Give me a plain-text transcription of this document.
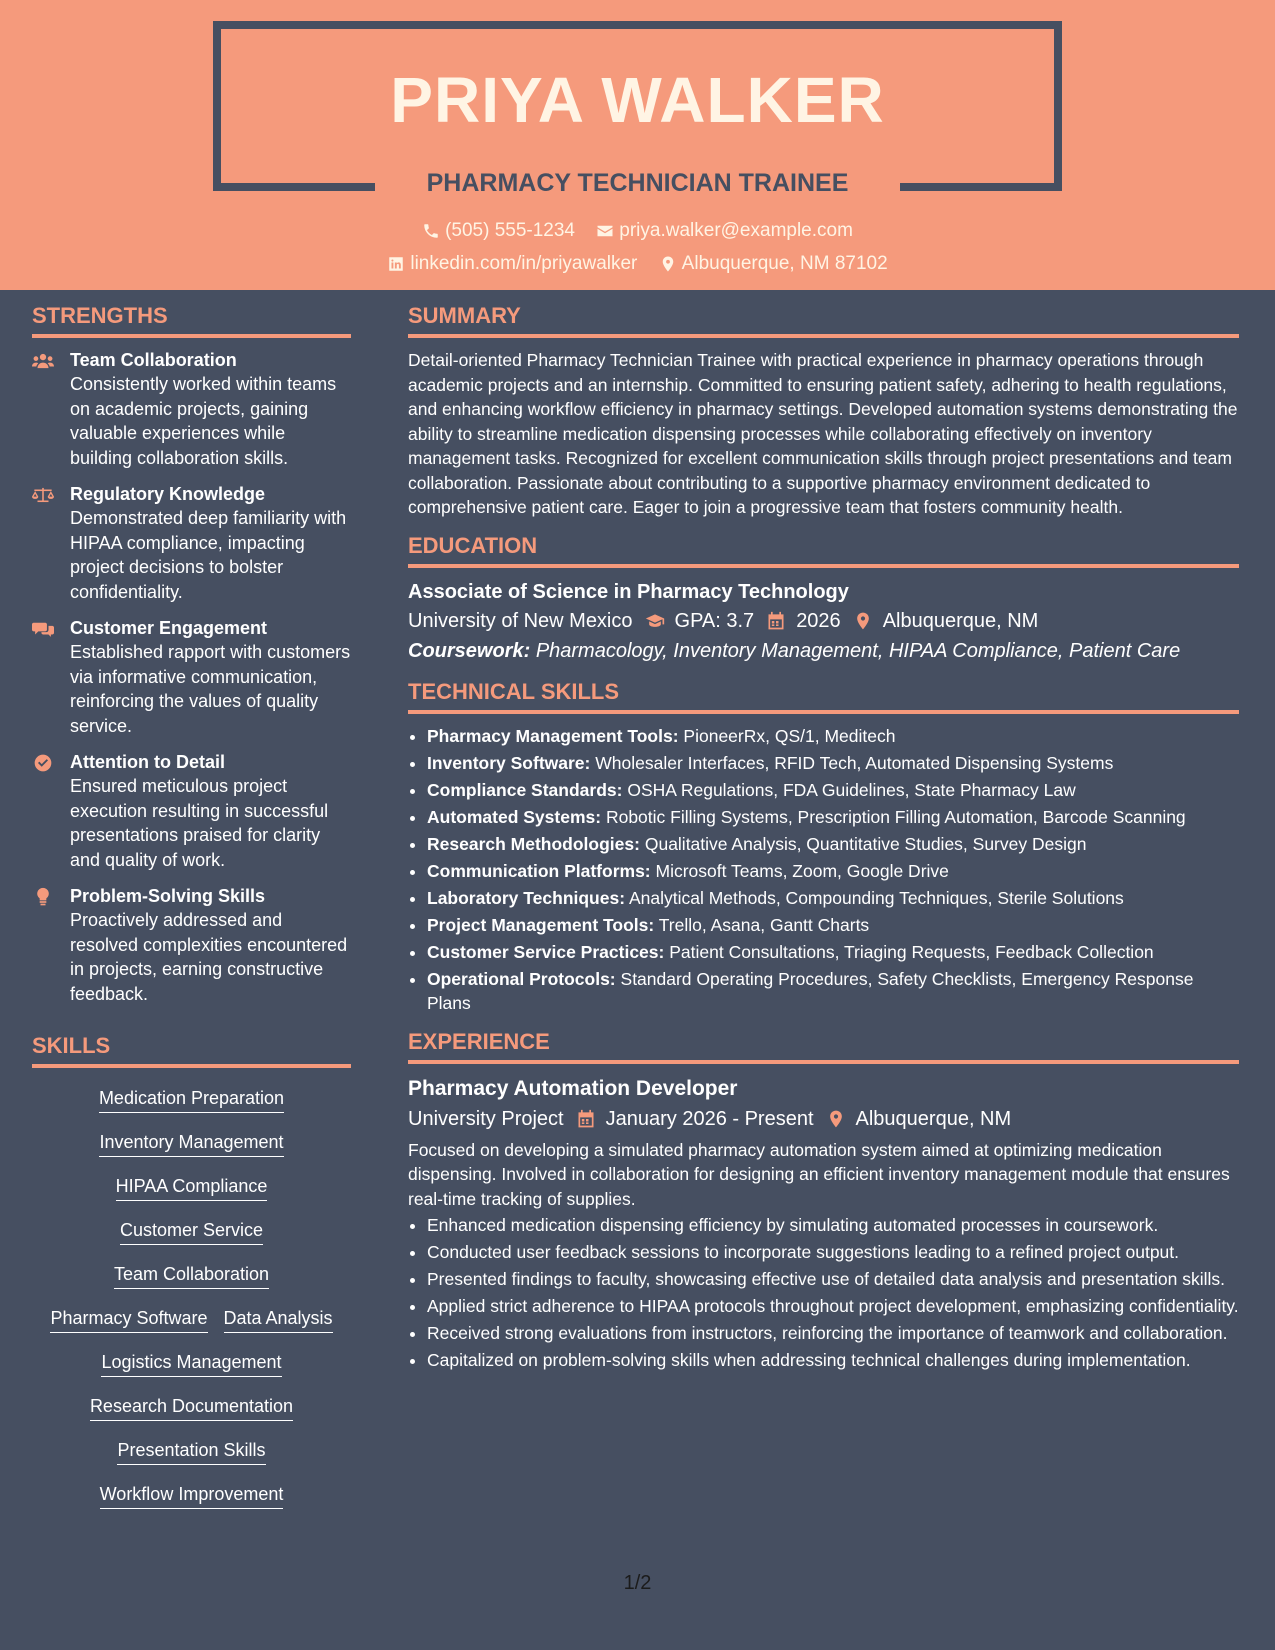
PRIYA WALKER
PHARMACY TECHNICIAN TRAINEE
(505) 555-1234
priya.walker@example.com
linkedin.com/in/priyawalker
Albuquerque, NM 87102
STRENGTHS
Team Collaboration
Consistently worked within teams on academic projects, gaining valuable experiences while building collaboration skills.
Regulatory Knowledge
Demonstrated deep familiarity with HIPAA compliance, impacting project decisions to bolster confidentiality.
Customer Engagement
Established rapport with customers via informative communication, reinforcing the values of quality service.
Attention to Detail
Ensured meticulous project execution resulting in successful presentations praised for clarity and quality of work.
Problem-Solving Skills
Proactively addressed and resolved complexities encountered in projects, earning constructive feedback.
SKILLS
Medication Preparation
Inventory Management
HIPAA Compliance
Customer Service
Team Collaboration
Pharmacy Software Data Analysis
Logistics Management
Research Documentation
Presentation Skills
Workflow Improvement
SUMMARY
Detail-oriented Pharmacy Technician Trainee with practical experience in pharmacy operations through academic projects and an internship. Committed to ensuring patient safety, adhering to health regulations, and enhancing workflow efficiency in pharmacy settings. Developed automation systems demonstrating the ability to streamline medication dispensing processes while collaborating effectively on inventory management tasks. Recognized for excellent communication skills through project presentations and team collaboration. Passionate about contributing to a supportive pharmacy environment dedicated to comprehensive patient care. Eager to join a progressive team that fosters community health.
EDUCATION
Associate of Science in Pharmacy Technology
University of New Mexico GPA: 3.7 2026 Albuquerque, NM
Coursework: Pharmacology, Inventory Management, HIPAA Compliance, Patient Care
TECHNICAL SKILLS
• Pharmacy Management Tools: PioneerRx, QS/1, Meditech
• Inventory Software: Wholesaler Interfaces, RFID Tech, Automated Dispensing Systems
• Compliance Standards: OSHA Regulations, FDA Guidelines, State Pharmacy Law
• Automated Systems: Robotic Filling Systems, Prescription Filling Automation, Barcode Scanning
• Research Methodologies: Qualitative Analysis, Quantitative Studies, Survey Design
• Communication Platforms: Microsoft Teams, Zoom, Google Drive
• Laboratory Techniques: Analytical Methods, Compounding Techniques, Sterile Solutions
• Project Management Tools: Trello, Asana, Gantt Charts
• Customer Service Practices: Patient Consultations, Triaging Requests, Feedback Collection
• Operational Protocols: Standard Operating Procedures, Safety Checklists, Emergency Response Plans
EXPERIENCE
Pharmacy Automation Developer
University Project January 2026 - Present Albuquerque, NM
Focused on developing a simulated pharmacy automation system aimed at optimizing medication dispensing. Involved in collaboration for designing an efficient inventory management module that ensures real-time tracking of supplies.
• Enhanced medication dispensing efficiency by simulating automated processes in coursework.
• Conducted user feedback sessions to incorporate suggestions leading to a refined project output.
• Presented findings to faculty, showcasing effective use of detailed data analysis and presentation skills.
• Applied strict adherence to HIPAA protocols throughout project development, emphasizing confidentiality.
• Received strong evaluations from instructors, reinforcing the importance of teamwork and collaboration.
• Capitalized on problem-solving skills when addressing technical challenges during implementation.
1/2
